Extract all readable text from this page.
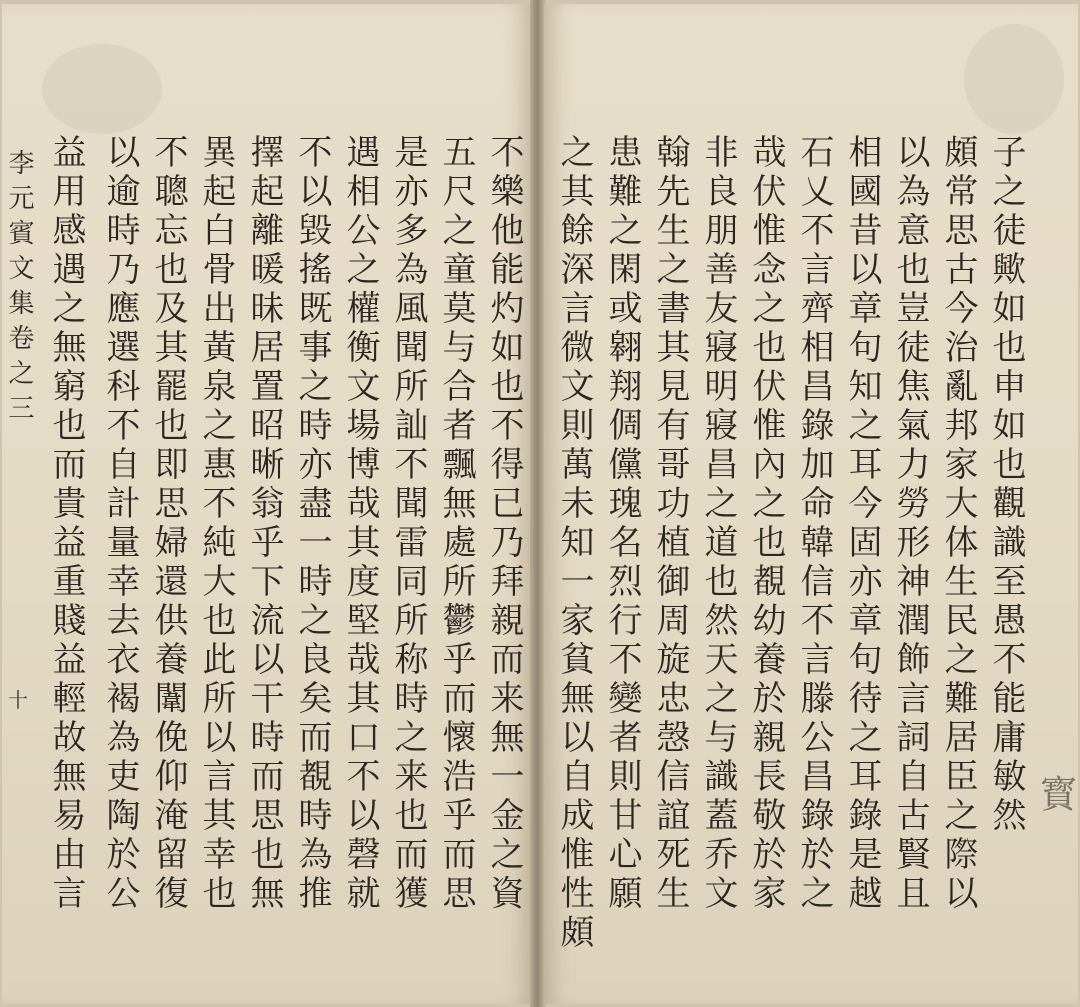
不樂他能灼如也不得已乃拜親而来無一金之資
五尺之童莫与合者飄無處所鬱乎而懷浩乎而思
是亦多為風聞所訕不聞雷同所称時之来也而獲
遇相公之權衡文場博哉其度堅哉其口不以磬就
不以毀搖既事之時亦盡一時之良矣而覩時為推
擇起離暖昧居置昭晰翁乎下流以干時而思也無
異起白骨出黃泉之惠不純大也此所以言其幸也
不聰忘也及其罷也即思婦還供養闈俛仰淹留復
以逾時乃應選科不自計量幸去衣褐為吏陶於公
益用感遇之無窮也而貴益重賤益輕故無易由言
李元賓文集卷之三
十	子之徒歟如也申如也觀識至愚不能庸敏然
頗常思古今治亂邦家大体生民之難居臣之際以
以為意也豈徒焦氣力勞形神潤飾言詞自古賢且
相國昔以章句知之耳今固亦章句待之耳錄是越
石乂不言齊相昌錄加命韓信不言滕公昌錄於之
哉伏惟念之也伏惟內之也覩幼養於親長敬於家
非良朋善友寢明寢昌之道也然天之与識蓋乔文
翰先生之書其見有哥功植御周旋忠愨信誼死生
患難之閑或翱翔倜儻瑰名烈行不變者則甘心願
之其餘深言微文則萬未知一家貧無以自成惟性頗	寳
